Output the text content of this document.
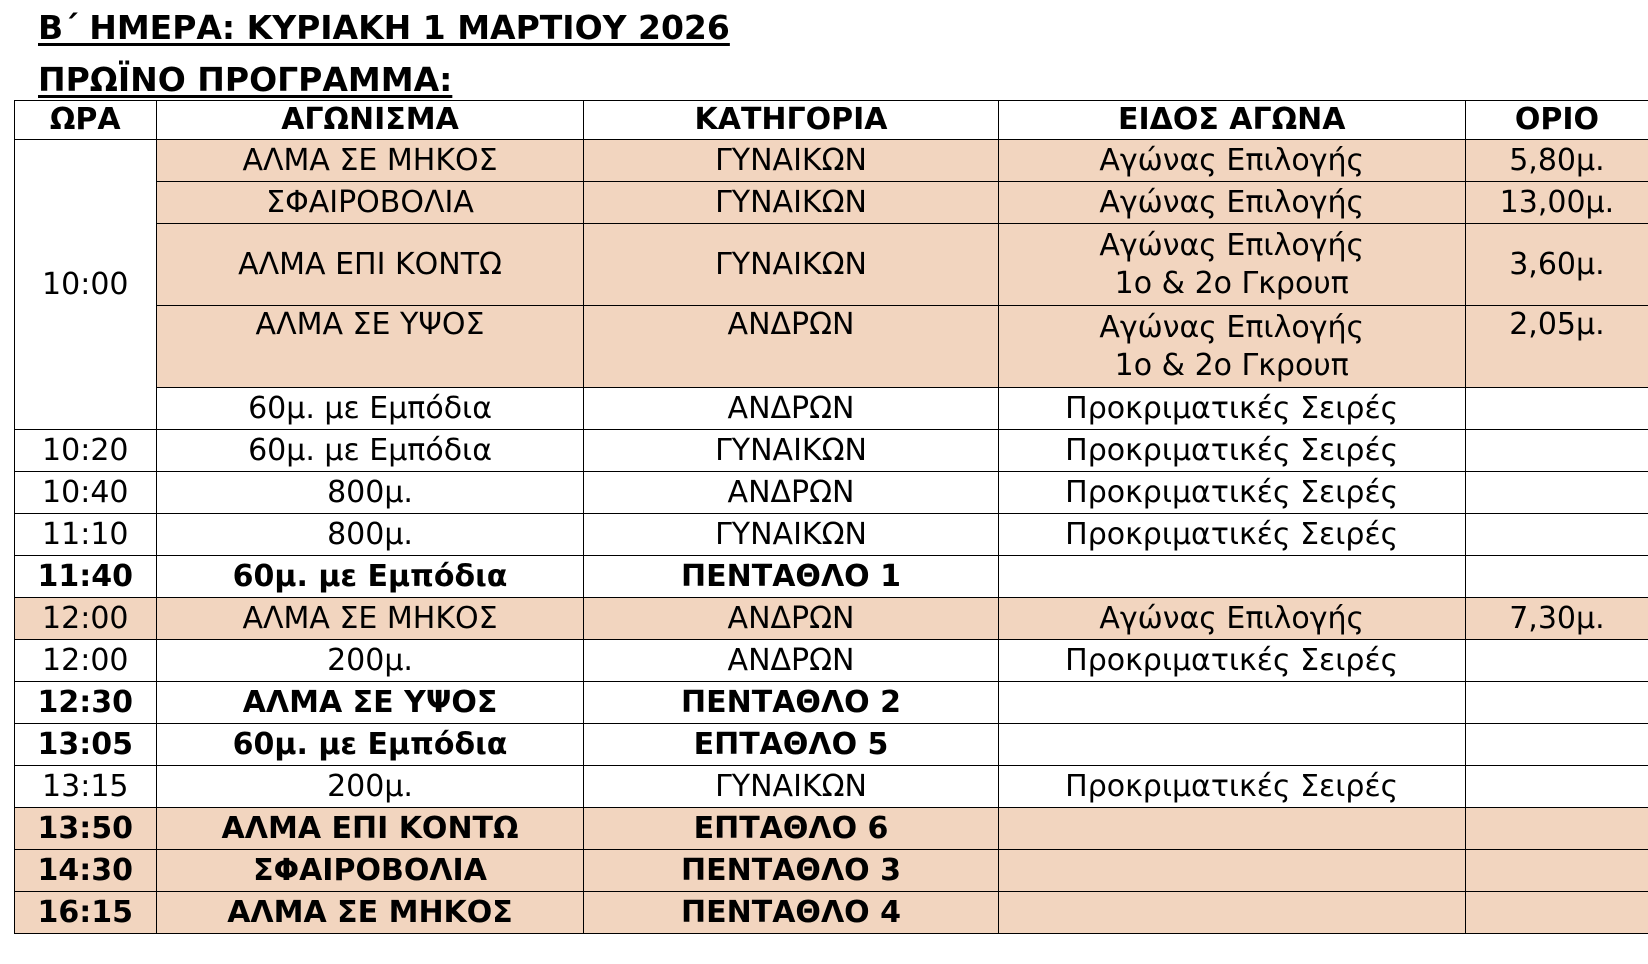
Β΄ ΗΜΕΡΑ: ΚΥΡΙΑΚΗ 1 ΜΑΡΤΙΟΥ 2026
ΠΡΩΪΝΟ ΠΡΟΓΡΑΜΜΑ:
ΩΡΑ	ΑΓΩΝΙΣΜΑ	ΚΑΤΗΓΟΡΙΑ	ΕΙΔΟΣ ΑΓΩΝΑ	ΟΡΙΟ
10:00	ΑΛΜΑ ΣΕ ΜΗΚΟΣ	ΓΥΝΑΙΚΩΝ	Αγώνας Επιλογής	5,80μ.
	ΣΦΑΙΡΟΒΟΛΙΑ	ΓΥΝΑΙΚΩΝ	Αγώνας Επιλογής	13,00μ.
	ΑΛΜΑ ΕΠΙ ΚΟΝΤΩ	ΓΥΝΑΙΚΩΝ	Αγώνας Επιλογής
1ο & 2ο Γκρουπ	3,60μ.
	ΑΛΜΑ ΣΕ ΥΨΟΣ	ΑΝΔΡΩΝ	Αγώνας Επιλογής
1ο & 2ο Γκρουπ	2,05μ.
	60μ. με Εμπόδια	ΑΝΔΡΩΝ	Προκριματικές Σειρές	

10:20	60μ. με Εμπόδια	ΓΥΝΑΙΚΩΝ	Προκριματικές Σειρές	

10:40	800μ.	ΑΝΔΡΩΝ	Προκριματικές Σειρές	

11:10	800μ.	ΓΥΝΑΙΚΩΝ	Προκριματικές Σειρές	

11:40	60μ. με Εμπόδια	ΠΕΝΤΑΘΛΟ 1	

12:00	ΑΛΜΑ ΣΕ ΜΗΚΟΣ	ΑΝΔΡΩΝ	Αγώνας Επιλογής	7,30μ.
12:00	200μ.	ΑΝΔΡΩΝ	Προκριματικές Σειρές	

12:30	ΑΛΜΑ ΣΕ ΥΨΟΣ	ΠΕΝΤΑΘΛΟ 2	

13:05	60μ. με Εμπόδια	ΕΠΤΑΘΛΟ 5	

13:15	200μ.	ΓΥΝΑΙΚΩΝ	Προκριματικές Σειρές	

13:50	ΑΛΜΑ ΕΠΙ ΚΟΝΤΩ	ΕΠΤΑΘΛΟ 6	

14:30	ΣΦΑΙΡΟΒΟΛΙΑ	ΠΕΝΤΑΘΛΟ 3	

16:15	ΑΛΜΑ ΣΕ ΜΗΚΟΣ	ΠΕΝΤΑΘΛΟ 4	
